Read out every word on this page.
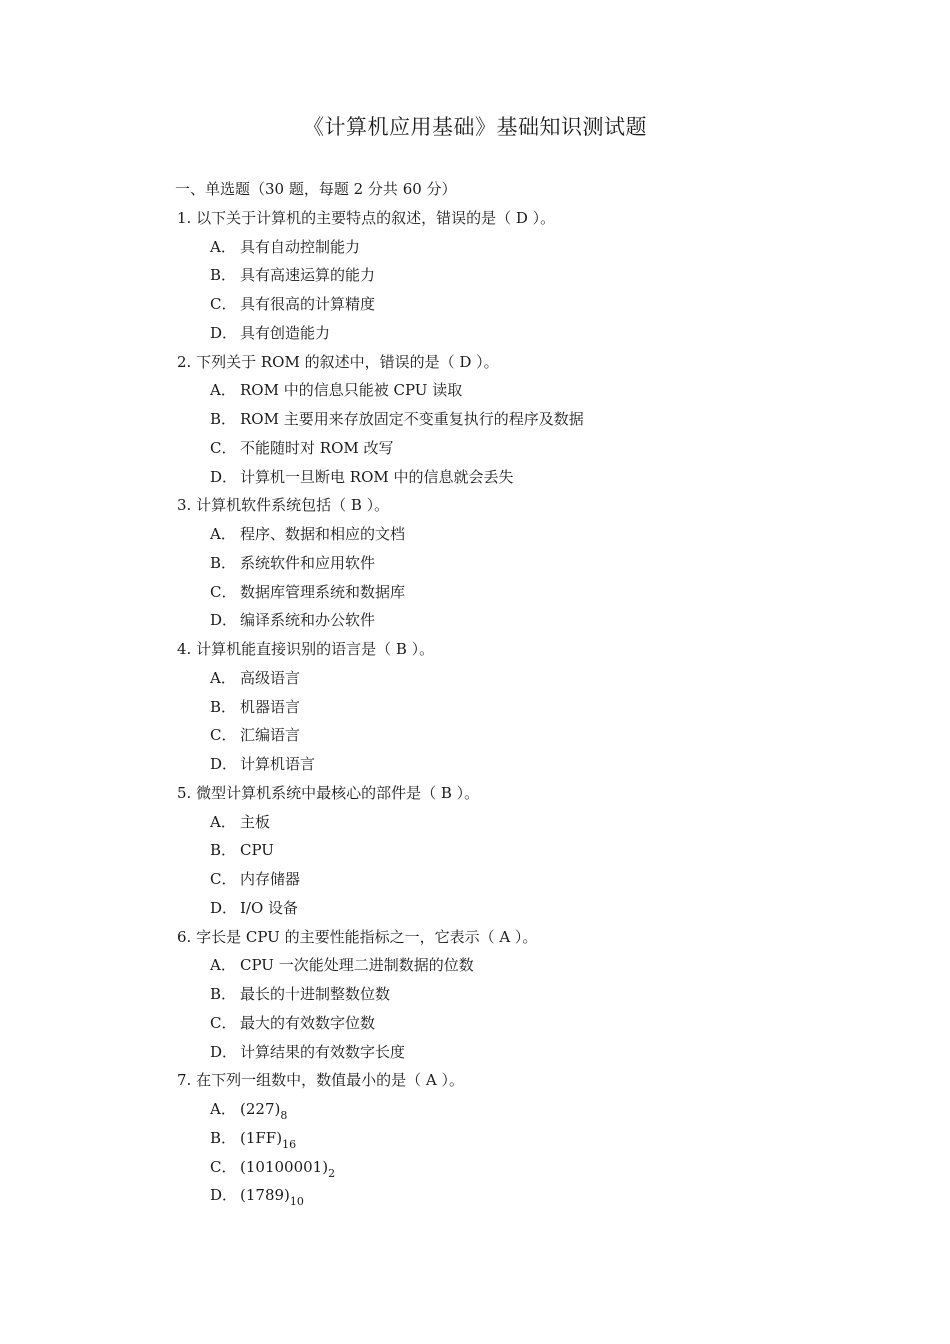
《计算机应用基础》基础知识测试题
一、单选题（30 题，每题 2 分共 60 分）
1. 以下关于计算机的主要特点的叙述，错误的是（ D ）。
A． 具有自动控制能力
B． 具有高速运算的能力
C． 具有很高的计算精度
D． 具有创造能力
2. 下列关于 ROM 的叙述中，错误的是（ D ）。
A． ROM 中的信息只能被 CPU 读取
B． ROM 主要用来存放固定不变重复执行的程序及数据
C． 不能随时对 ROM 改写
D． 计算机一旦断电 ROM 中的信息就会丢失
3. 计算机软件系统包括（ B ）。
A． 程序、数据和相应的文档
B． 系统软件和应用软件
C． 数据库管理系统和数据库
D． 编译系统和办公软件
4. 计算机能直接识别的语言是（ B ）。
A． 高级语言
B． 机器语言
C． 汇编语言
D． 计算机语言
5. 微型计算机系统中最核心的部件是（ B ）。
A． 主板
B． CPU
C． 内存储器
D． I/O 设备
6. 字长是 CPU 的主要性能指标之一，它表示（ A ）。
A． CPU 一次能处理二进制数据的位数
B． 最长的十进制整数位数
C． 最大的有效数字位数
D． 计算结果的有效数字长度
7. 在下列一组数中，数值最小的是（ A ）。
A． $(227)_8$
B． $(1FF)_{16}$
C． $(10100001)_2$
D． $(1789)_{10}$
